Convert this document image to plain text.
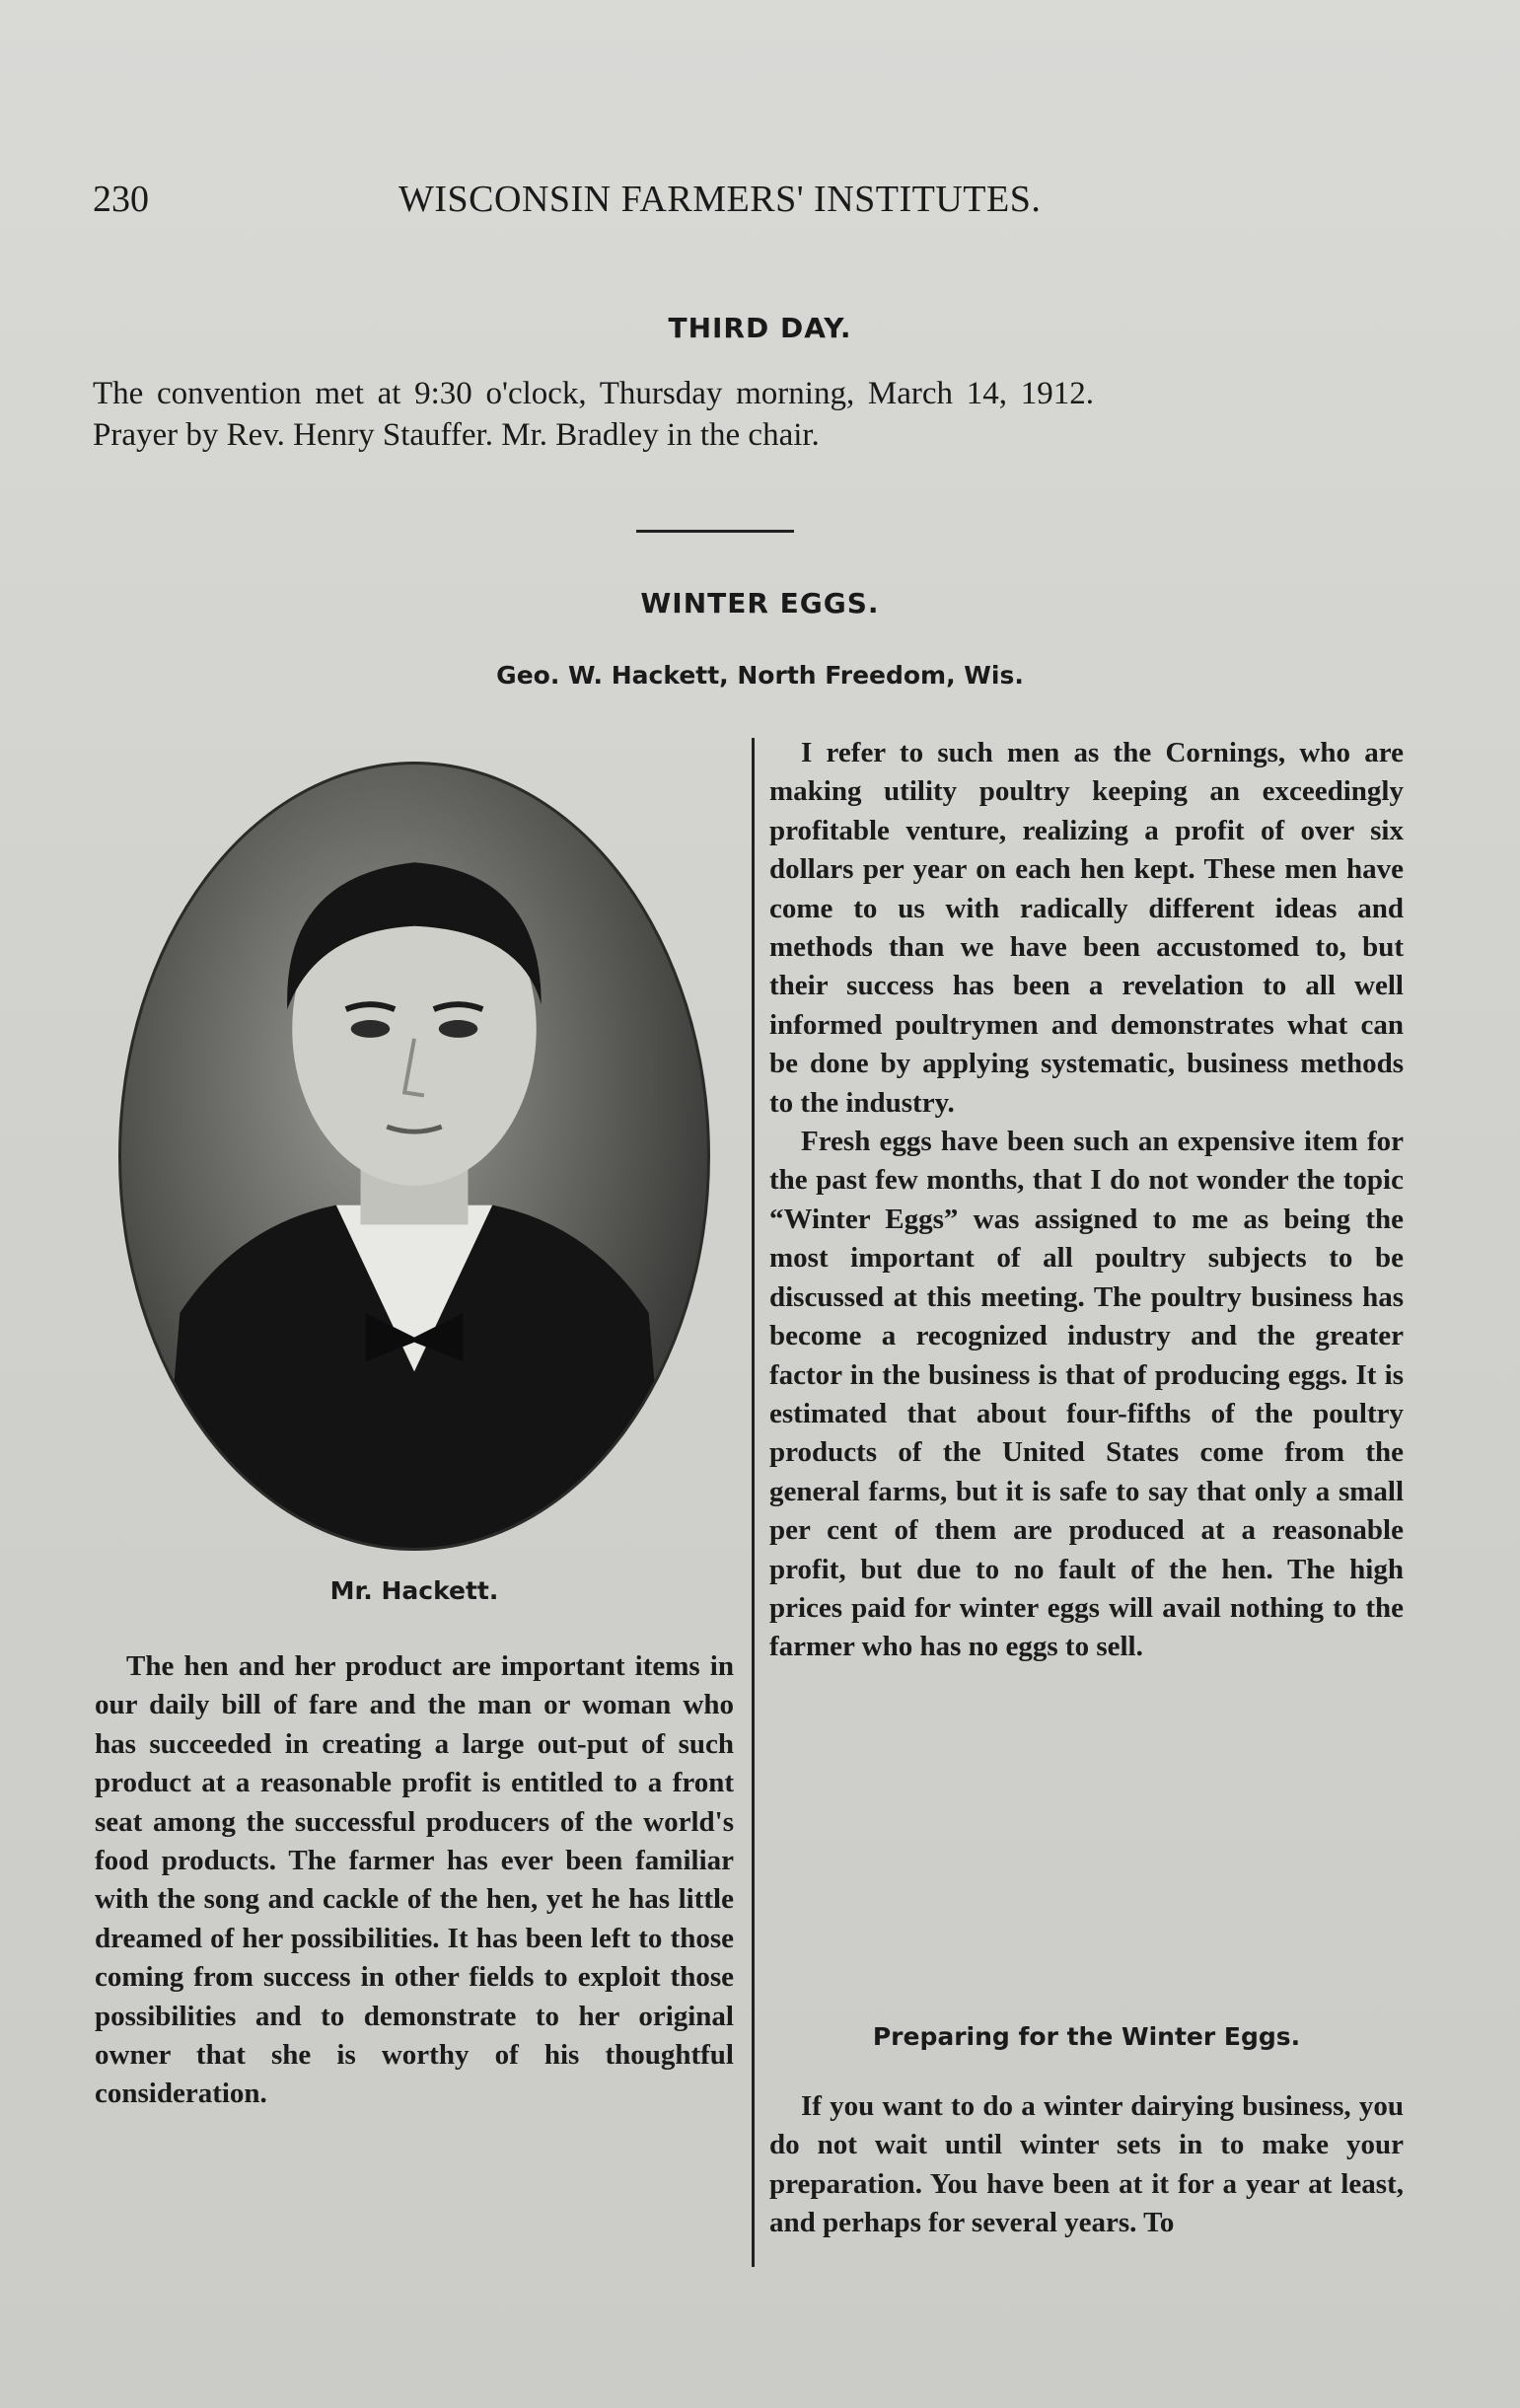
230	WISCONSIN FARMERS' INSTITUTES.
THIRD DAY.

The convention met at 9:30 o'clock, Thursday morning, March 14, 1912.

Prayer by Rev. Henry Stauffer. Mr. Bradley in the chair.

WINTER EGGS.
Geo. W. Hackett, North Freedom, Wis.
Mr. Hackett.

The hen and her product are important items in our daily bill of fare and the man or woman who has succeeded in creating a large out-put of such product at a reasonable profit is entitled to a front seat among the successful producers of the world's food products. The farmer has ever been familiar with the song and cackle of the hen, yet he has little dreamed of her possibilities. It has been left to those coming from success in other fields to exploit those possibilities and to demonstrate to her original owner that she is worthy of his thoughtful consideration.

I refer to such men as the Cornings, who are making utility poultry keeping an exceedingly profitable venture, realizing a profit of over six dollars per year on each hen kept. These men have come to us with radically different ideas and methods than we have been accustomed to, but their success has been a revelation to all well informed poultrymen and demonstrates what can be done by applying systematic, business methods to the industry.

Fresh eggs have been such an expensive item for the past few months, that I do not wonder the topic “Winter Eggs” was assigned to me as being the most important of all poultry subjects to be discussed at this meeting. The poultry business has become a recognized industry and the greater factor in the business is that of producing eggs. It is estimated that about four-fifths of the poultry products of the United States come from the general farms, but it is safe to say that only a small per cent of them are produced at a reasonable profit, but due to no fault of the hen. The high prices paid for winter eggs will avail nothing to the farmer who has no eggs to sell.

Preparing for the Winter Eggs.

If you want to do a winter dairying business, you do not wait until winter sets in to make your preparation. You have been at it for a year at least, and perhaps for several years. To
